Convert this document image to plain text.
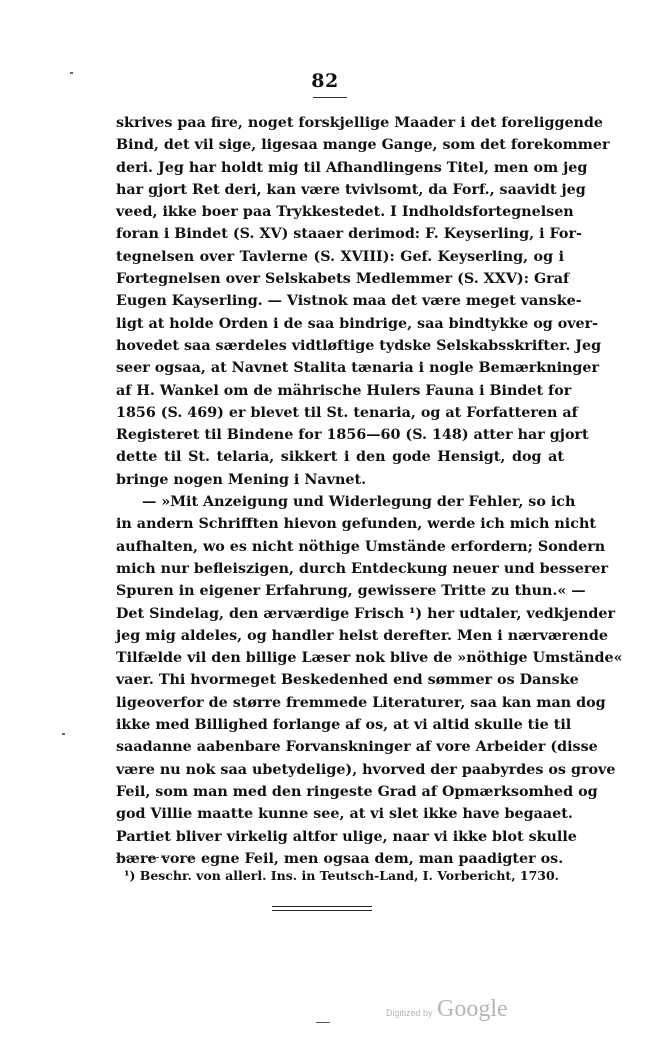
82
skrives paa fire, noget forskjellige Maader i det foreliggende
Bind, det vil sige, ligesaa mange Gange, som det forekommer
deri. Jeg har holdt mig til Afhandlingens Titel, men om jeg
har gjort Ret deri, kan være tvivlsomt, da Forf., saavidt jeg
veed, ikke boer paa Trykkestedet. I Indholdsfortegnelsen
foran i Bindet (S. XV) staaer derimod: F. Keyserling, i For-
tegnelsen over Tavlerne (S. XVIII): Gef. Keyserling, og i
Fortegnelsen over Selskabets Medlemmer (S. XXV): Graf
Eugen Kayserling. — Vistnok maa det være meget vanske-
ligt at holde Orden i de saa bindrige, saa bindtykke og over-
hovedet saa særdeles vidtløftige tydske Selskabsskrifter. Jeg
seer ogsaa, at Navnet Stalita tænaria i nogle Bemærkninger
af H. Wankel om de mährische Hulers Fauna i Bindet for
1856 (S. 469) er blevet til St. tenaria, og at Forfatteren af
Registeret til Bindene for 1856—60 (S. 148) atter har gjort
dette til St. telaria, sikkert i den gode Hensigt, dog at
bringe nogen Mening i Navnet.
— »Mit Anzeigung und Widerlegung der Fehler, so ich
in andern Schrifften hievon gefunden, werde ich mich nicht
aufhalten, wo es nicht nöthige Umstände erfordern; Sondern
mich nur befleiszigen, durch Entdeckung neuer und besserer
Spuren in eigener Erfahrung, gewissere Tritte zu thun.« —
Det Sindelag, den ærværdige Frisch ¹) her udtaler, vedkjender
jeg mig aldeles, og handler helst derefter. Men i nærværende
Tilfælde vil den billige Læser nok blive de »nöthige Umstände«
vaer. Thi hvormeget Beskedenhed end sømmer os Danske
ligeoverfor de større fremmede Literaturer, saa kan man dog
ikke med Billighed forlange af os, at vi altid skulle tie til
saadanne aabenbare Forvanskninger af vore Arbeider (disse
være nu nok saa ubetydelige), hvorved der paabyrdes os grove
Feil, som man med den ringeste Grad af Opmærksomhed og
god Villie maatte kunne see, at vi slet ikke have begaaet.
Partiet bliver virkelig altfor ulige, naar vi ikke blot skulle
bære vore egne Feil, men ogsaa dem, man paadigter os.
¹) Beschr. von allerl. Ins. in Teutsch-Land, I. Vorbericht, 1730.
Digitized by Google
